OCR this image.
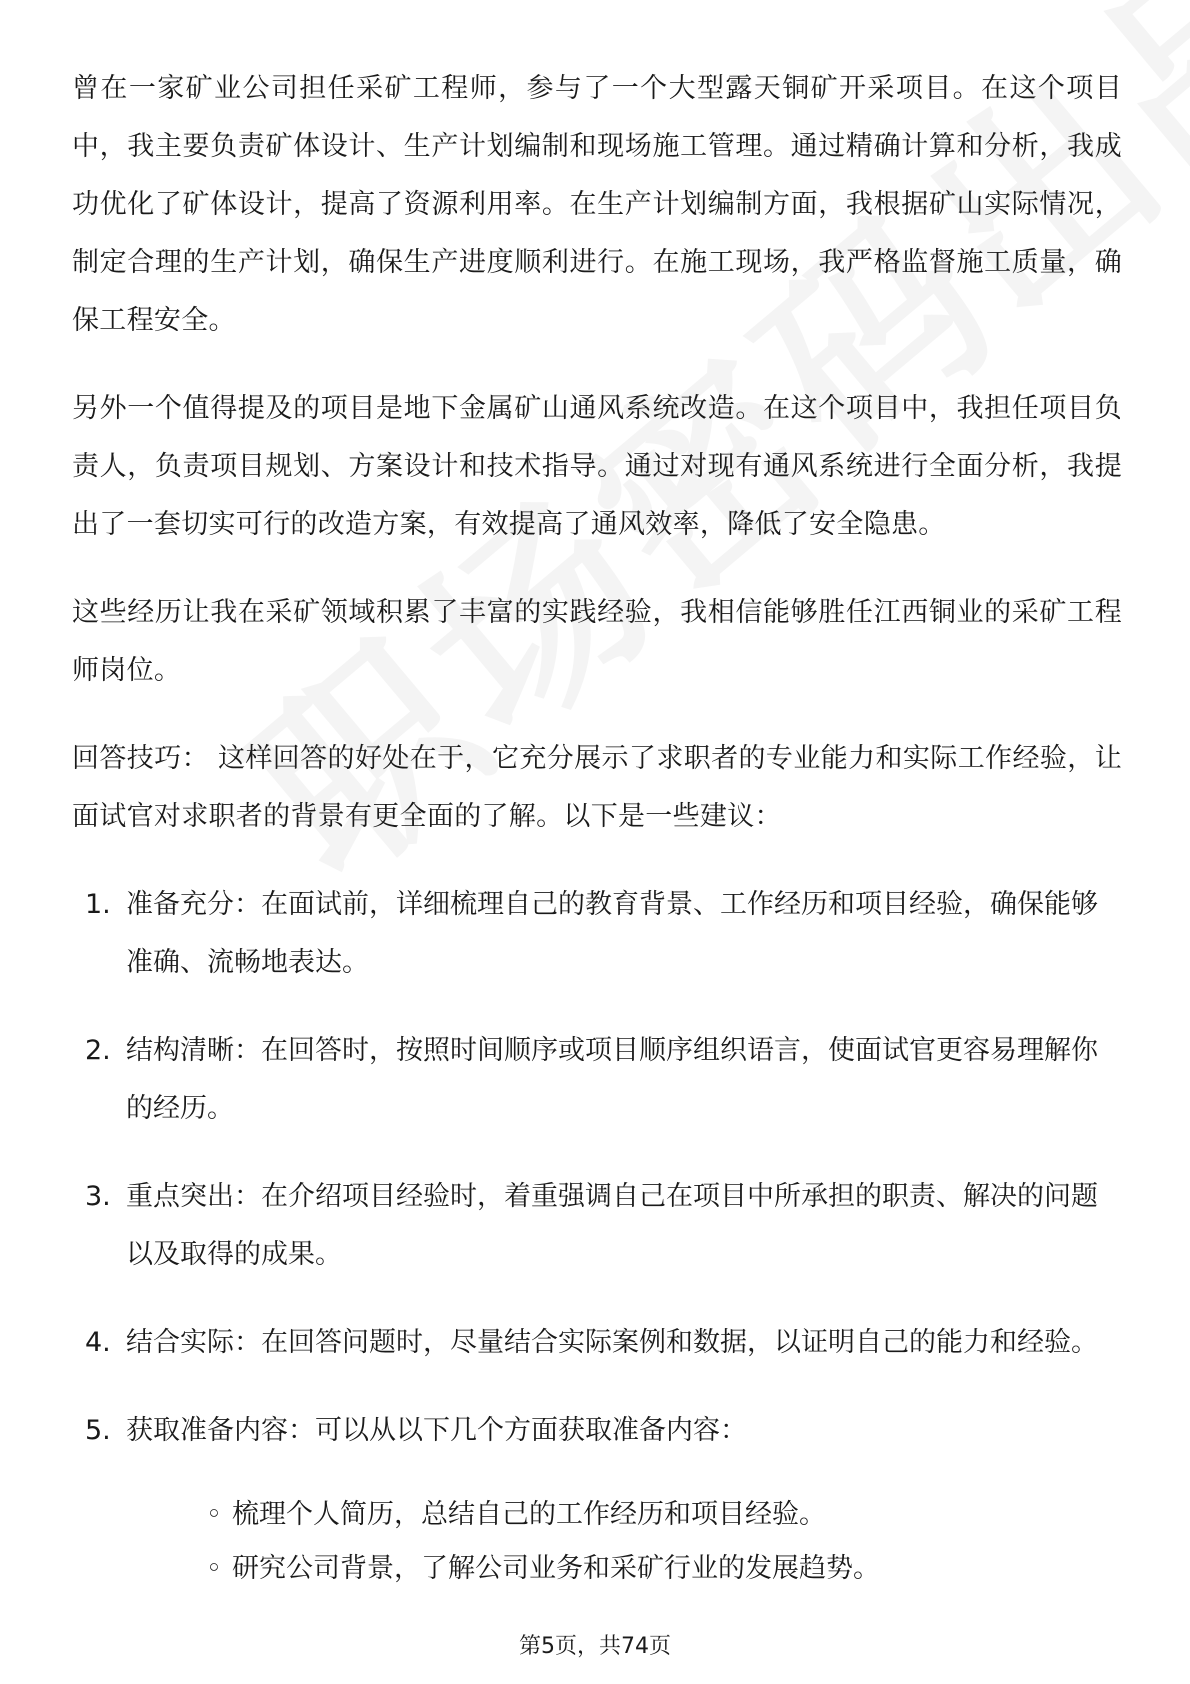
曾在一家矿业公司担任采矿工程师，参与了一个大型露天铜矿开采项目。在这个项目中，我主要负责矿体设计、生产计划编制和现场施工管理。通过精确计算和分析，我成功优化了矿体设计，提高了资源利用率。在生产计划编制方面，我根据矿山实际情况，制定合理的生产计划，确保生产进度顺利进行。在施工现场，我严格监督施工质量，确保工程安全。

另外一个值得提及的项目是地下金属矿山通风系统改造。在这个项目中，我担任项目负责人，负责项目规划、方案设计和技术指导。通过对现有通风系统进行全面分析，我提出了一套切实可行的改造方案，有效提高了通风效率，降低了安全隐患。

这些经历让我在采矿领域积累了丰富的实践经验，我相信能够胜任江西铜业的采矿工程师岗位。

回答技巧： 这样回答的好处在于，它充分展示了求职者的专业能力和实际工作经验，让面试官对求职者的背景有更全面的了解。以下是一些建议：

1. 准备充分：在面试前，详细梳理自己的教育背景、工作经历和项目经验，确保能够准确、流畅地表达。
2. 结构清晰：在回答时，按照时间顺序或项目顺序组织语言，使面试官更容易理解你的经历。
3. 重点突出：在介绍项目经验时，着重强调自己在项目中所承担的职责、解决的问题以及取得的成果。
4. 结合实际：在回答问题时，尽量结合实际案例和数据，以证明自己的能力和经验。
5. 获取准备内容：可以从以下几个方面获取准备内容：
◦ 梳理个人简历，总结自己的工作经历和项目经验。
◦ 研究公司背景，了解公司业务和采矿行业的发展趋势。
第5页，共74页
